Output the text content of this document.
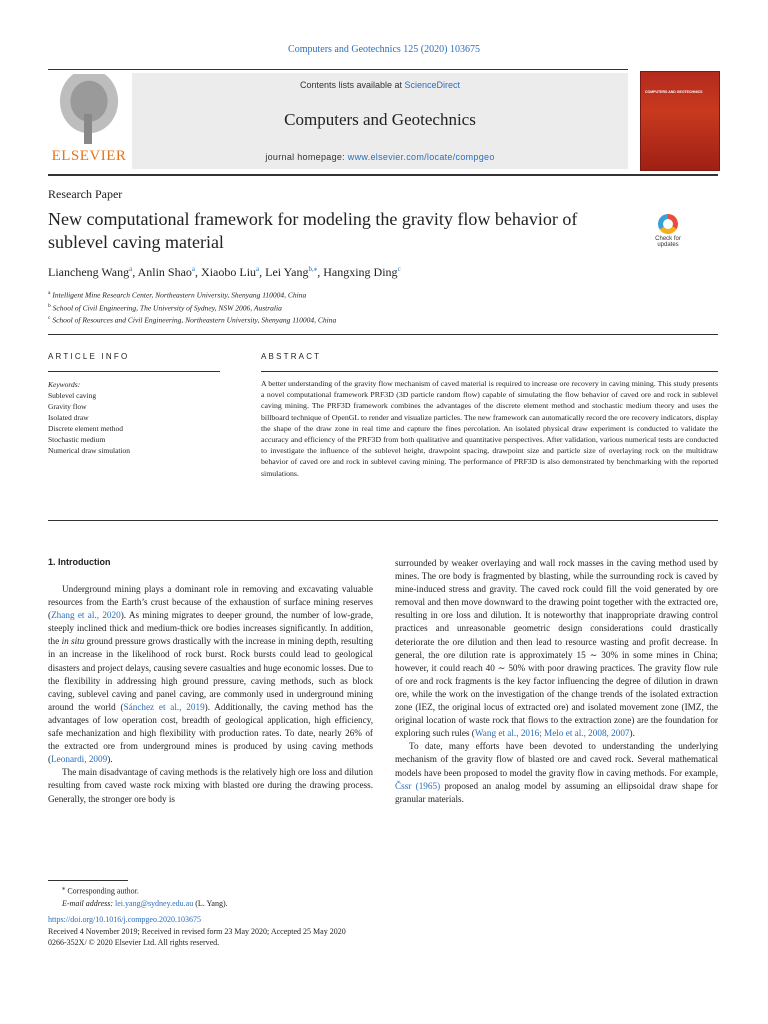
Computers and Geotechnics 125 (2020) 103675
ELSEVIER
Contents lists available at ScienceDirect
Computers and Geotechnics
journal homepage: www.elsevier.com/locate/compgeo
COMPUTERS AND GEOTECHNICS
Research Paper
New computational framework for modeling the gravity flow behavior of sublevel caving material	Check for updates
Liancheng Wang$^a$, Anlin Shao$^a$, Xiaobo Liu$^a$, Lei Yang$^{b,⁎}$, Hangxing Ding$^c$
$^a$ Intelligent Mine Research Center, Northeastern University, Shenyang 110004, China
$^b$ School of Civil Engineering, The University of Sydney, NSW 2006, Australia
$^c$ School of Resources and Civil Engineering, Northeastern University, Shenyang 110004, China
ARTICLE INFO	ABSTRACT
Keywords:
Sublevel caving
Gravity flow
Isolated draw
Discrete element method
Stochastic medium
Numerical draw simulation
A better understanding of the gravity flow mechanism of caved material is required to increase ore recovery in caving mining. This study presents a novel computational framework PRF3D (3D particle random flow) capable of simulating the flow behavior of caved ore and rock in sublevel caving mining. The PRF3D framework combines the advantages of the discrete element method and stochastic medium theory and uses the billboard technique of OpenGL to render and visualize particles. The new framework can automatically record the ore recovery indicators, display the shape of the draw zone in real time and capture the fines percolation. An isolated physical draw experiment is conducted to validate the accuracy and efficiency of the PRF3D from both qualitative and quantitative perspectives. After validation, various numerical tests are conducted to investigate the influence of the sublevel height, drawpoint spacing, drawpoint size and particle size of overlaying rock on the multidraw behavior of caved ore and rock in sublevel caving mining. The performance of PRF3D is also demonstrated by benchmarking with the reported simulations.
1. Introduction

Underground mining plays a dominant role in removing and excavating valuable resources from the Earth’s crust because of the exhaustion of surface mining reserves (Zhang et al., 2020). As mining migrates to deeper ground, the number of low-grade, steeply inclined thick and medium-thick ore bodies increases significantly. In addition, the in situ ground pressure grows drastically with the increase in mining depth, resulting in an increase in the likelihood of rock burst. Rock bursts could lead to geological disasters and project delays, causing severe casualties and huge economic losses. Due to the flexibility in addressing high ground pressure, caving methods, such as block caving, sublevel caving and panel caving, are commonly used in underground mining around the world (Sánchez et al., 2019). Additionally, the caving method has the advantages of low operation cost, breadth of geological application, high efficiency, safe mechanization and high flexibility with production rates. To date, nearly 26% of the extracted ore from underground mines is produced by using caving methods (Leonardi, 2009).

The main disadvantage of caving methods is the relatively high ore loss and dilution resulting from caved waste rock mixing with blasted ore during the drawing process. Generally, the stronger ore body is

surrounded by weaker overlaying and wall rock masses in the caving method used by mines. The ore body is fragmented by blasting, while the surrounding rock is caved by mine-induced stress and gravity. The caved rock could fill the void generated by ore removal and then move downward to the drawing point together with the extracted ore, resulting in ore loss and dilution. It is noteworthy that inappropriate drawing control practices and unreasonable geometric design considerations could drastically deteriorate the ore dilution and then lead to resource wasting and profit decrease. In general, the ore dilution rate is approximately 15 ∼ 30% in some mines in China; however, it could reach 40 ∼ 50% with poor drawing practices. The gravity flow rule of ore and rock fragments is the key factor influencing the degree of dilution in drawn ore, while the work on the investigation of the change trends of the isolated extraction zone (IEZ, the original locus of extracted ore) and isolated movement zone (IMZ, the original location of waste rock that flows to the extraction zone) are the foundation for exploring such rules (Wang et al., 2016; Melo et al., 2008, 2007).

To date, many efforts have been devoted to understanding the underlying mechanism of the gravity flow of blasted ore and caved rock. Several mathematical models have been proposed to model the gravity flow in caving methods. For example, Čssr (1965) proposed an analog model by assuming an ellipsoidal draw shape for granular materials.

⁎ Corresponding author.
E-mail address: lei.yang@sydney.edu.au (L. Yang).
https://doi.org/10.1016/j.compgeo.2020.103675
Received 4 November 2019; Received in revised form 23 May 2020; Accepted 25 May 2020
0266-352X/ © 2020 Elsevier Ltd. All rights reserved.
